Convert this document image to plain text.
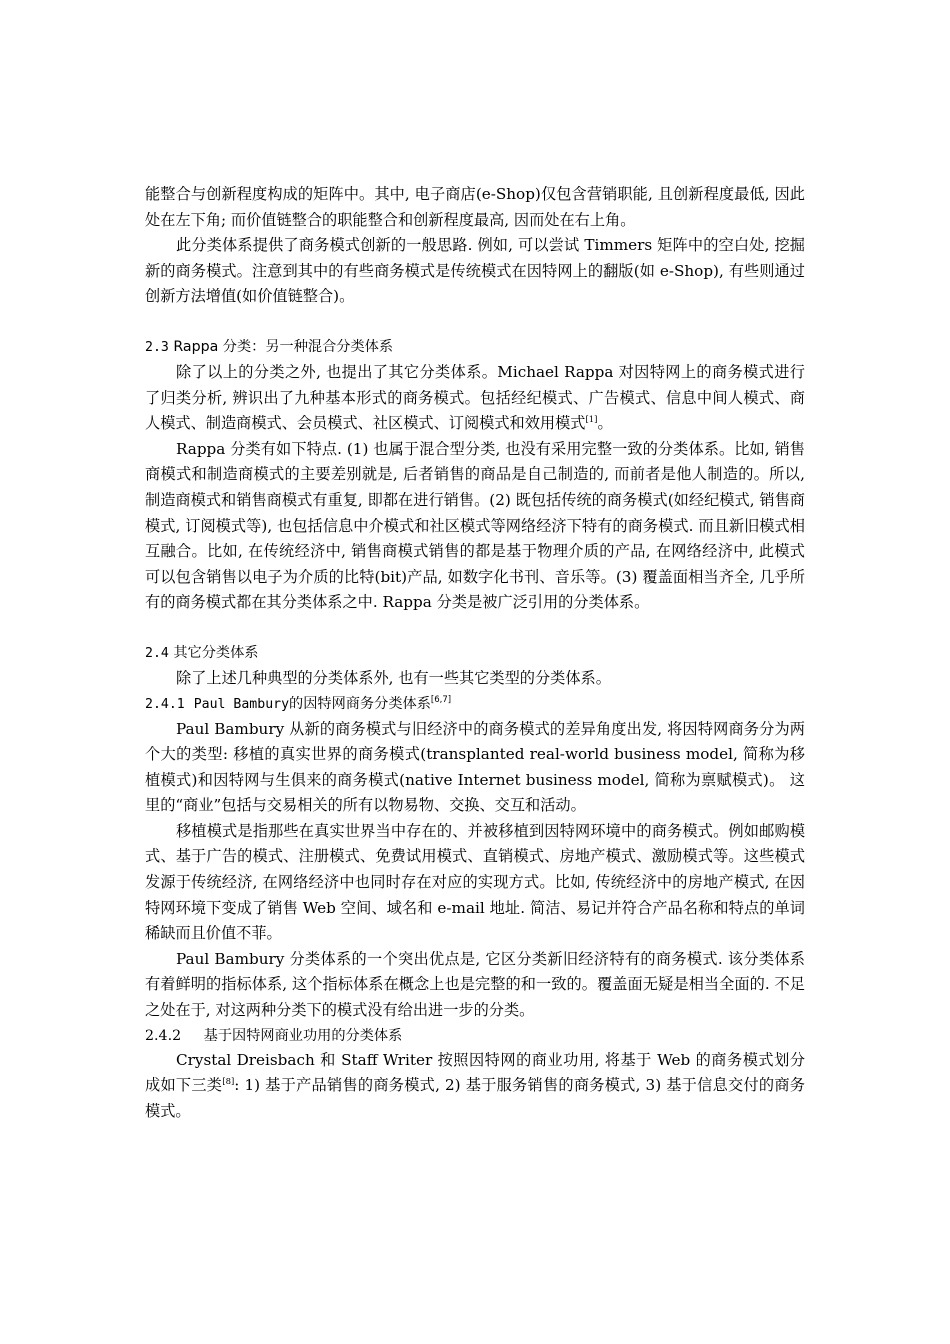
能整合与创新程度构成的矩阵中。其中, 电子商店(e-Shop)仅包含营销职能, 且创新程度最低, 因此处在左下角; 而价值链整合的职能整合和创新程度最高, 因而处在右上角。

此分类体系提供了商务模式创新的一般思路. 例如, 可以尝试 Timmers 矩阵中的空白处, 挖掘新的商务模式。注意到其中的有些商务模式是传统模式在因特网上的翻版(如 e-Shop), 有些则通过创新方法增值(如价值链整合)。

2.3 Rappa 分类：另一种混合分类体系

除了以上的分类之外, 也提出了其它分类体系。Michael Rappa 对因特网上的商务模式进行了归类分析, 辨识出了九种基本形式的商务模式。包括经纪模式、广告模式、信息中间人模式、商人模式、制造商模式、会员模式、社区模式、订阅模式和效用模式[1]。

Rappa 分类有如下特点. (1) 也属于混合型分类, 也没有采用完整一致的分类体系。比如, 销售商模式和制造商模式的主要差别就是, 后者销售的商品是自己制造的, 而前者是他人制造的。所以, 制造商模式和销售商模式有重复, 即都在进行销售。(2) 既包括传统的商务模式(如经纪模式, 销售商模式, 订阅模式等), 也包括信息中介模式和社区模式等网络经济下特有的商务模式. 而且新旧模式相互融合。比如, 在传统经济中, 销售商模式销售的都是基于物理介质的产品, 在网络经济中, 此模式可以包含销售以电子为介质的比特(bit)产品, 如数字化书刊、音乐等。(3) 覆盖面相当齐全, 几乎所有的商务模式都在其分类体系之中. Rappa 分类是被广泛引用的分类体系。

2.4 其它分类体系

除了上述几种典型的分类体系外, 也有一些其它类型的分类体系。

2.4.1 Paul Bambury的因特网商务分类体系[6,7]

Paul Bambury 从新的商务模式与旧经济中的商务模式的差异角度出发, 将因特网商务分为两个大的类型: 移植的真实世界的商务模式(transplanted real-world business model, 简称为移植模式)和因特网与生俱来的商务模式(native Internet business model, 简称为禀赋模式)。 这里的“商业”包括与交易相关的所有以物易物、交换、交互和活动。

移植模式是指那些在真实世界当中存在的、并被移植到因特网环境中的商务模式。例如邮购模式、基于广告的模式、注册模式、免费试用模式、直销模式、房地产模式、激励模式等。这些模式发源于传统经济, 在网络经济中也同时存在对应的实现方式。比如, 传统经济中的房地产模式, 在因特网环境下变成了销售 Web 空间、域名和 e-mail 地址. 简洁、易记并符合产品名称和特点的单词稀缺而且价值不菲。

Paul Bambury 分类体系的一个突出优点是, 它区分类新旧经济特有的商务模式. 该分类体系有着鲜明的指标体系, 这个指标体系在概念上也是完整的和一致的。覆盖面无疑是相当全面的. 不足之处在于, 对这两种分类下的模式没有给出进一步的分类。

2.4.2 基于因特网商业功用的分类体系

Crystal Dreisbach 和 Staff Writer 按照因特网的商业功用, 将基于 Web 的商务模式划分成如下三类[8]: 1) 基于产品销售的商务模式, 2) 基于服务销售的商务模式, 3) 基于信息交付的商务模式。
